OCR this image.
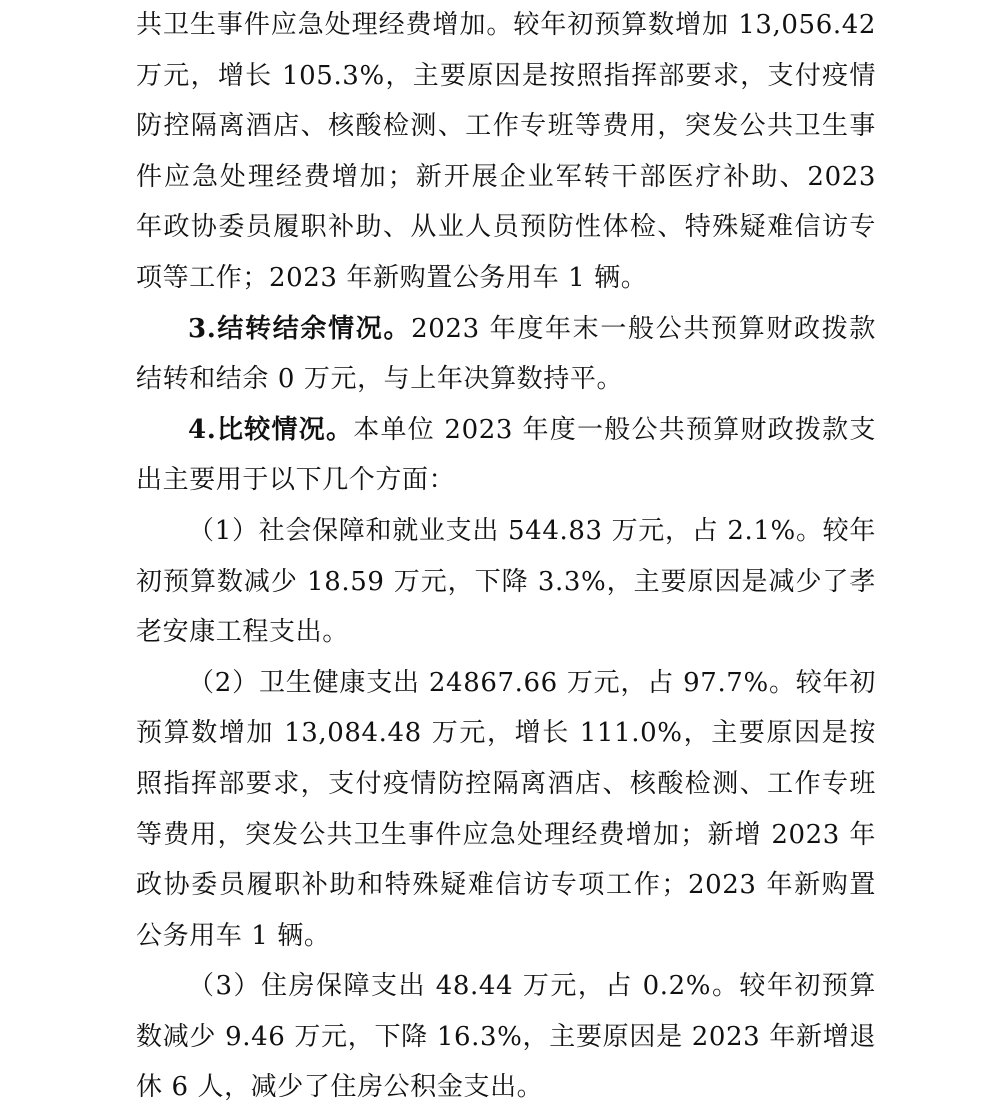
共卫生事件应急处理经费增加。较年初预算数增加 13,056.42 万元，增长 105.3%，主要原因是按照指挥部要求，支付疫情防控隔离酒店、核酸检测、工作专班等费用，突发公共卫生事件应急处理经费增加；新开展企业军转干部医疗补助、2023 年政协委员履职补助、从业人员预防性体检、特殊疑难信访专项等工作；2023 年新购置公务用车 1 辆。

3.结转结余情况。2023 年度年末一般公共预算财政拨款结转和结余 0 万元，与上年决算数持平。

4.比较情况。本单位 2023 年度一般公共预算财政拨款支出主要用于以下几个方面：

（1）社会保障和就业支出 544.83 万元，占 2.1%。较年初预算数减少 18.59 万元，下降 3.3%，主要原因是减少了孝老安康工程支出。

（2）卫生健康支出 24867.66 万元，占 97.7%。较年初预算数增加 13,084.48 万元，增长 111.0%，主要原因是按照指挥部要求，支付疫情防控隔离酒店、核酸检测、工作专班等费用，突发公共卫生事件应急处理经费增加；新增 2023 年政协委员履职补助和特殊疑难信访专项工作；2023 年新购置公务用车 1 辆。

（3）住房保障支出 48.44 万元，占 0.2%。较年初预算数减少 9.46 万元，下降 16.3%，主要原因是 2023 年新增退休 6 人，减少了住房公积金支出。
